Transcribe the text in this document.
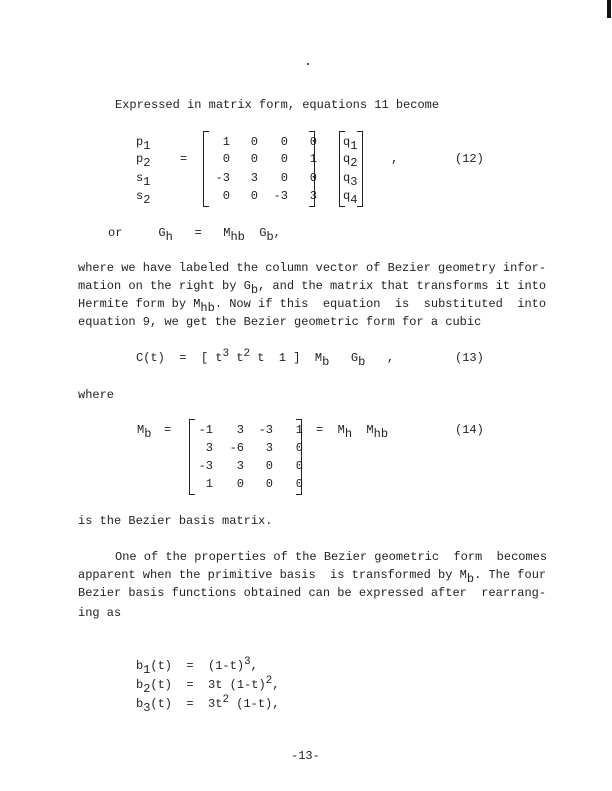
Expressed in matrix form, equations 11 become
p1
p2
s1
s2
=
1	0	0	0
0	0	0	1
-3	3	0	0
0	0	-3	3
q1
q2
q3
q4
,	(12)
or	Gh = Mhb Gb,
where we have labeled the column vector of Bezier geometry infor-
mation on the right by Gb, and the matrix that transforms it into
Hermite form by Mhb. Now if this  equation  is  substituted  into
equation 9, we get the Bezier geometric form for a cubic
C(t) = [ t3 t2 t 1 ] Mb Gb ,	(13)
where
Mb =	-1	3	-3	1
3	-6	3	0
-3	3	0	0
1	0	0	0
= Mh Mhb	(14)
is the Bezier basis matrix.
One of the properties of the Bezier geometric  form  becomes
apparent when the primitive basis  is transformed by Mb. The four
Bezier basis functions obtained can be expressed after  rearrang-
ing as
b1(t) = (1-t)3,
b2(t) = 3t (1-t)2,
b3(t) = 3t2 (1-t),
-13-
